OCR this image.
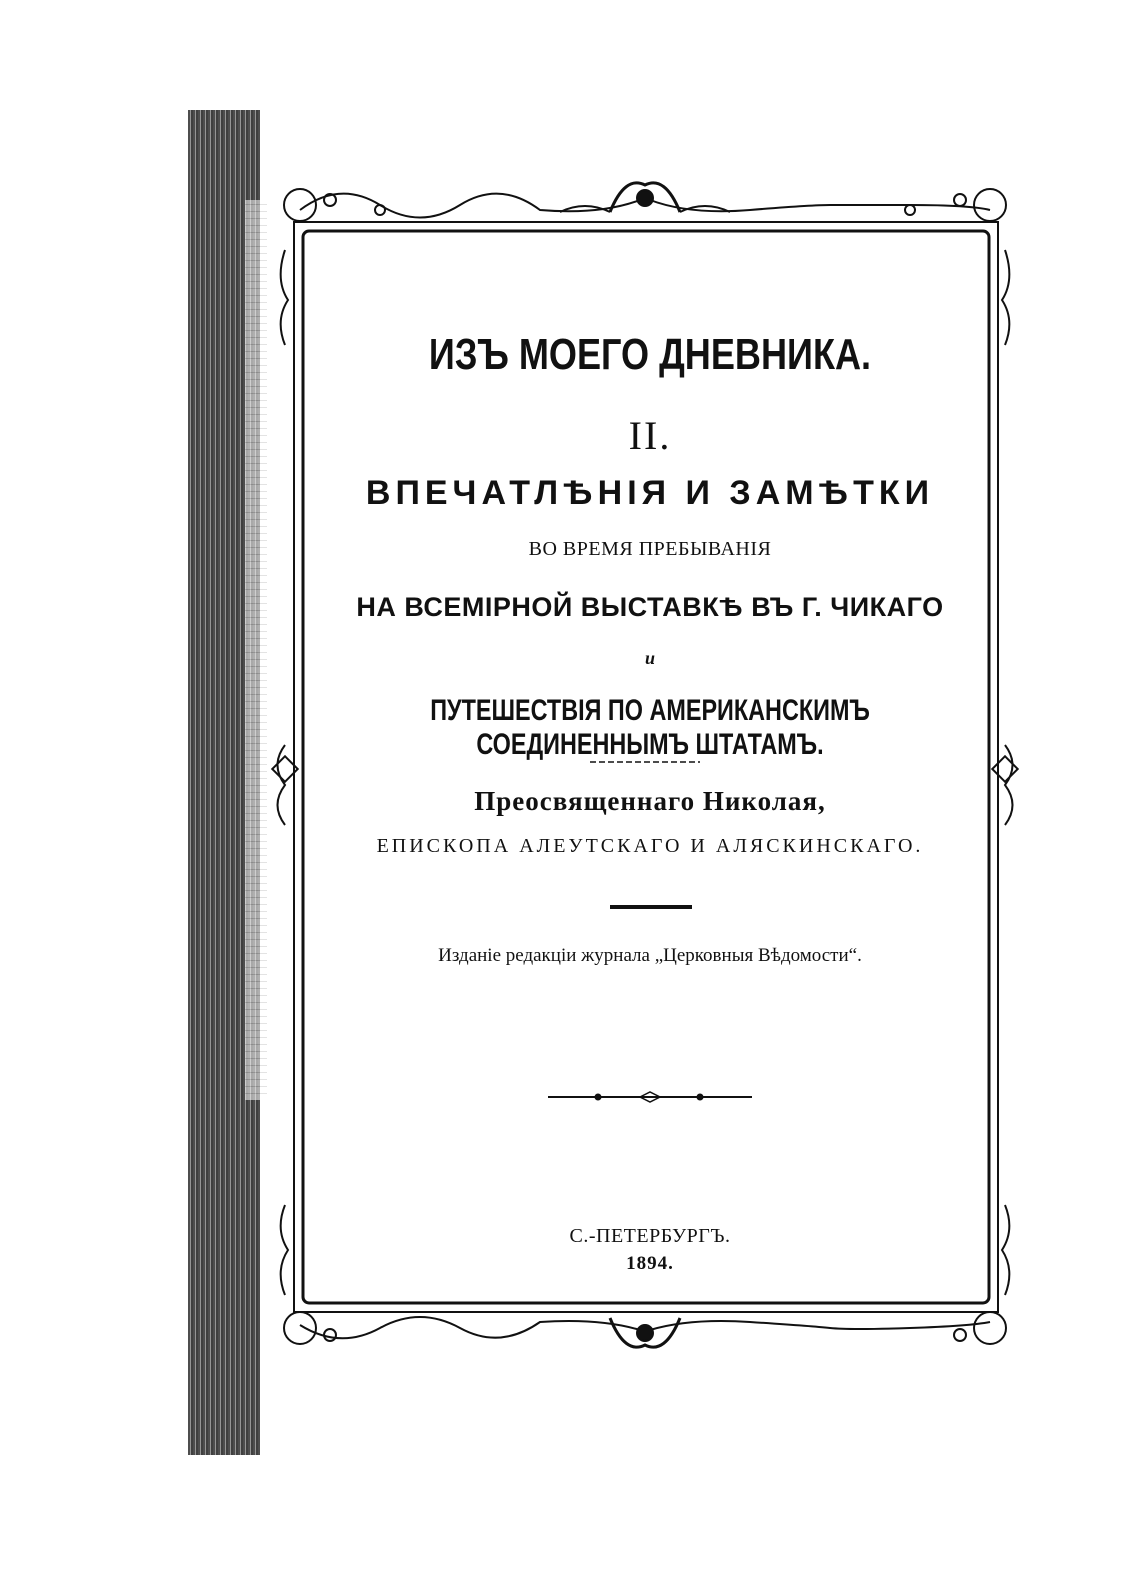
ИЗЪ МОЕГО ДНЕВНИКА.
II.
ВПЕЧАТЛѢНІЯ И ЗАМѢТКИ
ВО ВРЕМЯ ПРЕБЫВАНІЯ
НА ВСЕМІРНОЙ ВЫСТАВКѢ ВЪ Г. ЧИКАГО
и
ПУТЕШЕСТВІЯ ПО АМЕРИКАНСКИМЪ СОЕДИНЕННЫМЪ ШТАТАМЪ.
Преосвященнаго Николая,
ЕПИСКОПА АЛЕУТСКАГО И АЛЯСКИНСКАГО.
Изданіе редакціи журнала „Церковныя Вѣдомости“.
С.-ПЕТЕРБУРГЪ.
1894.
